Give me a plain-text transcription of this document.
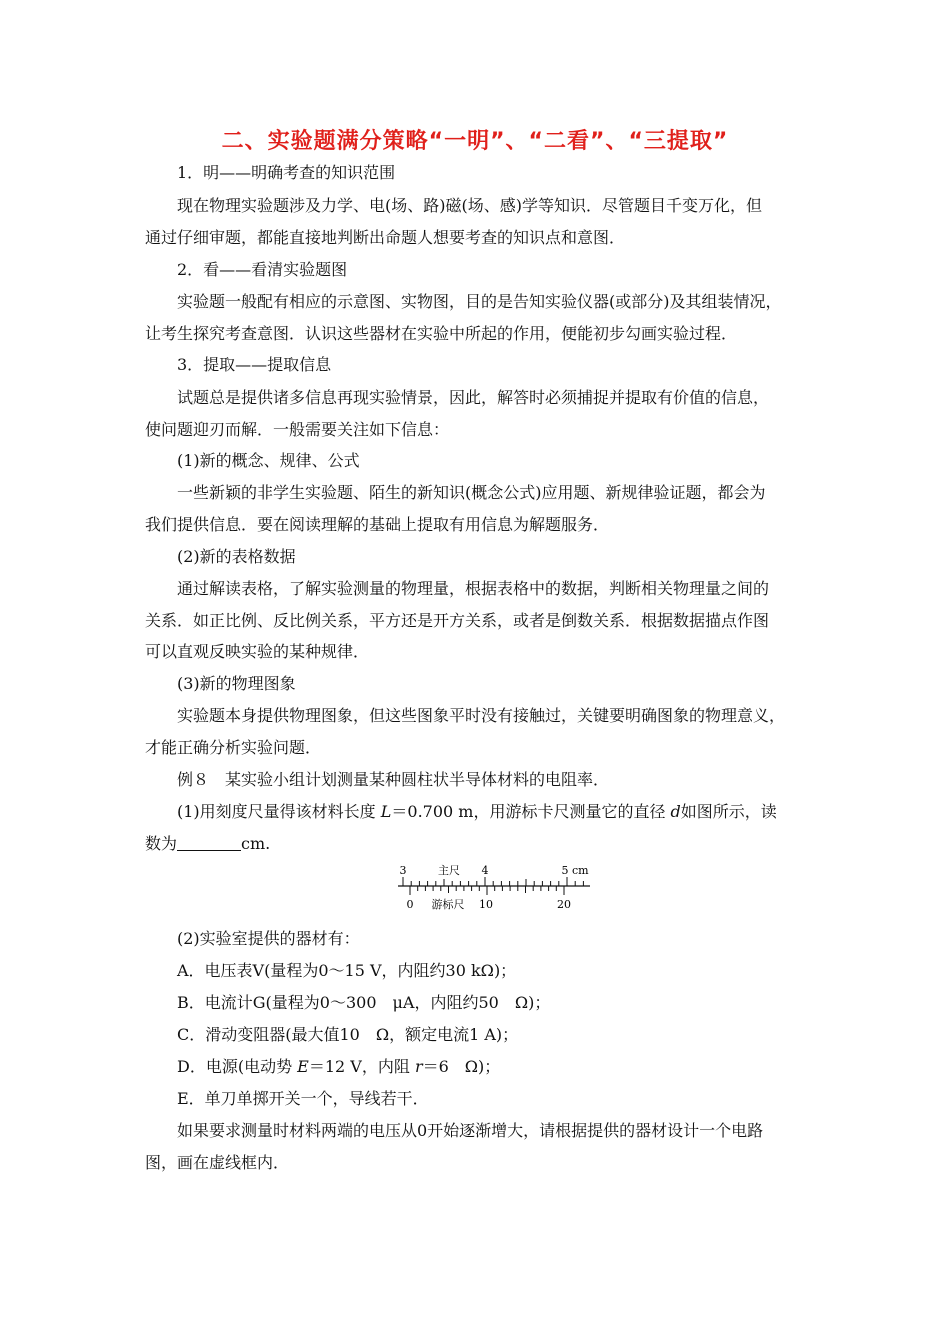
二、实验题满分策略“一明”、“二看”、“三提取”
1．明——明确考查的知识范围
现在物理实验题涉及力学、电(场、路)磁(场、感)学等知识．尽管题目千变万化，但
通过仔细审题，都能直接地判断出命题人想要考查的知识点和意图．
2．看——看清实验题图
实验题一般配有相应的示意图、实物图，目的是告知实验仪器(或部分)及其组装情况，
让考生探究考查意图．认识这些器材在实验中所起的作用，便能初步勾画实验过程．
3．提取——提取信息
试题总是提供诸多信息再现实验情景，因此，解答时必须捕捉并提取有价值的信息，
使问题迎刃而解．一般需要关注如下信息：
(1)新的概念、规律、公式
一些新颖的非学生实验题、陌生的新知识(概念公式)应用题、新规律验证题，都会为
我们提供信息．要在阅读理解的基础上提取有用信息为解题服务．
(2)新的表格数据
通过解读表格，了解实验测量的物理量，根据表格中的数据，判断相关物理量之间的
关系．如正比例、反比例关系，平方还是开方关系，或者是倒数关系．根据数据描点作图
可以直观反映实验的某种规律．
(3)新的物理图象
实验题本身提供物理图象，但这些图象平时没有接触过，关键要明确图象的物理意义，
才能正确分析实验问题．
例８　某实验小组计划测量某种圆柱状半导体材料的电阻率．
(1)用刻度尺量得该材料长度 L＝0.700 m，用游标卡尺测量它的直径 d如图所示，读
数为	cm.
3	主尺 4	5 cm
0 游标尺 10	20
(2)实验室提供的器材有：
A．电压表V(量程为0～15 V，内阻约30 kΩ)；
B．电流计G(量程为0～300　μA，内阻约50　Ω)；
C．滑动变阻器(最大值10　Ω，额定电流1 A)；
D．电源(电动势 E＝12 V，内阻 r＝6　Ω)；
E．单刀单掷开关一个，导线若干．
如果要求测量时材料两端的电压从0开始逐渐增大，请根据提供的器材设计一个电路
图，画在虚线框内．
